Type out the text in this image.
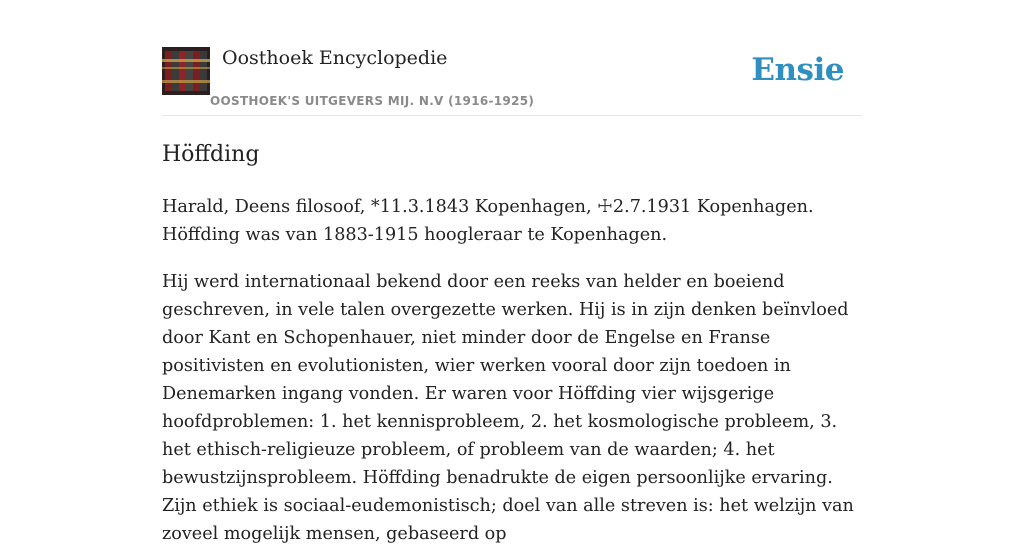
Oosthoek Encyclopedie
OOSTHOEK'S UITGEVERS MIJ. N.V (1916-1925)
Ensie
Höffding

Harald, Deens filosoof, *11.3.1843 Kopenhagen, ☩2.7.1931 Kopenhagen. Höffding was van 1883-1915 hoogleraar te Kopenhagen.

Hij werd internationaal bekend door een reeks van helder en boeiend geschreven, in vele talen overgezette werken. Hij is in zijn denken beïnvloed door Kant en Schopenhauer, niet minder door de Engelse en Franse positivisten en evolutionisten, wier werken vooral door zijn toedoen in Denemarken ingang vonden. Er waren voor Höffding vier wijsgerige hoofdproblemen: 1. het kennisprobleem, 2. het kosmologische probleem, 3. het ethisch-religieuze probleem, of probleem van de waarden; 4. het bewustzijnsprobleem. Höffding benadrukte de eigen persoonlijke ervaring. Zijn ethiek is sociaal-eudemonistisch; doel van alle streven is: het welzijn van zoveel mogelijk mensen, gebaseerd op
